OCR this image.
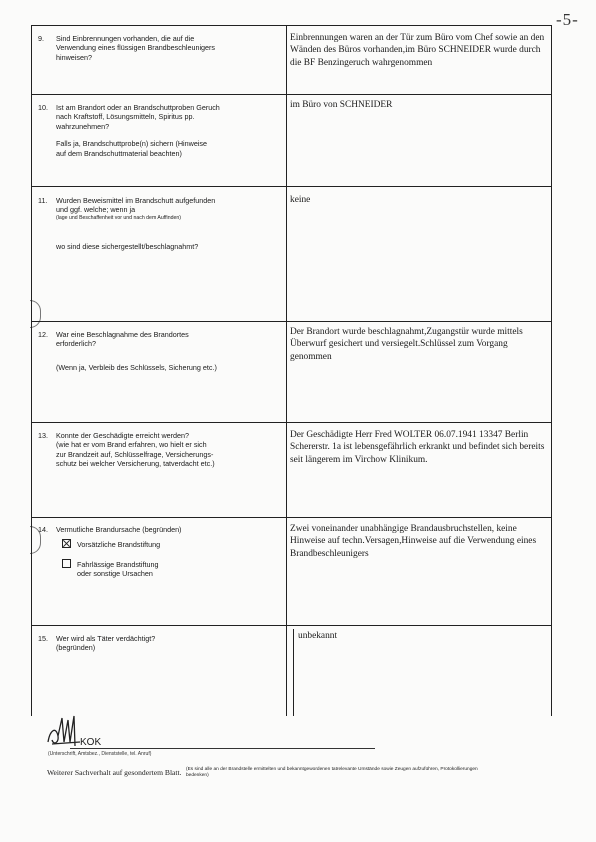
-5-
9. Sind Einbrennungen vorhanden, die auf die
Verwendung eines flüssigen Brandbeschleunigers
hinweisen?
Einbrennungen waren an der Tür zum Büro vom Chef sowie an den Wänden des Büros vorhanden,im Büro SCHNEIDER wurde durch die BF Benzingeruch wahrgenommen
10. Ist am Brandort oder an Brandschuttproben Geruch
nach Kraftstoff, Lösungsmitteln, Spiritus pp.
wahrzunehmen?
Falls ja, Brandschuttprobe(n) sichern (Hinweise
auf dem Brandschuttmaterial beachten)
im Büro von SCHNEIDER
11. Wurden Beweismittel im Brandschutt aufgefunden
und ggf. welche; wenn ja
(lage und Beschaffenheit vor und nach dem Auffinden)
wo sind diese sichergestellt/beschlagnahmt?
keine
12. War eine Beschlagnahme des Brandortes
erforderlich?
(Wenn ja, Verbleib des Schlüssels, Sicherung etc.)
Der Brandort wurde beschlagnahmt,Zugangstür wurde mittels Überwurf gesichert und versiegelt.Schlüssel zum Vorgang genommen
13. Konnte der Geschädigte erreicht werden?
(wie hat er vom Brand erfahren, wo hielt er sich
zur Brandzeit auf, Schlüsselfrage, Versicherungs-
schutz bei welcher Versicherung, tatverdacht etc.)
Der Geschädigte Herr Fred WOLTER 06.07.1941 13347 Berlin Schererstr. 1a ist lebensgefährlich erkrankt und befindet sich bereits seit längerem im Virchow Klinikum.
14. Vermutliche Brandursache (begründen)
Vorsätzliche Brandstiftung
Fahrlässige Brandstiftung
oder sonstige Ursachen
Zwei voneinander unabhängige Brandausbruchstellen, keine Hinweise auf techn.Versagen,Hinweise auf die Verwendung eines Brandbeschleunigers
15. Wer wird als Täter verdächtigt?
(begründen)
unbekannt
KOK
(Unterschrift, Amtsbez., Dienststelle, tel. Anruf)
Weiterer Sachverhalt auf gesondertem Blatt. (Es sind alle an der Brandstelle ermittelten und bekanntgewordenen tatrelevante Umstände sowie Zeugen aufzuführen, Protokollierungen bedenken)
